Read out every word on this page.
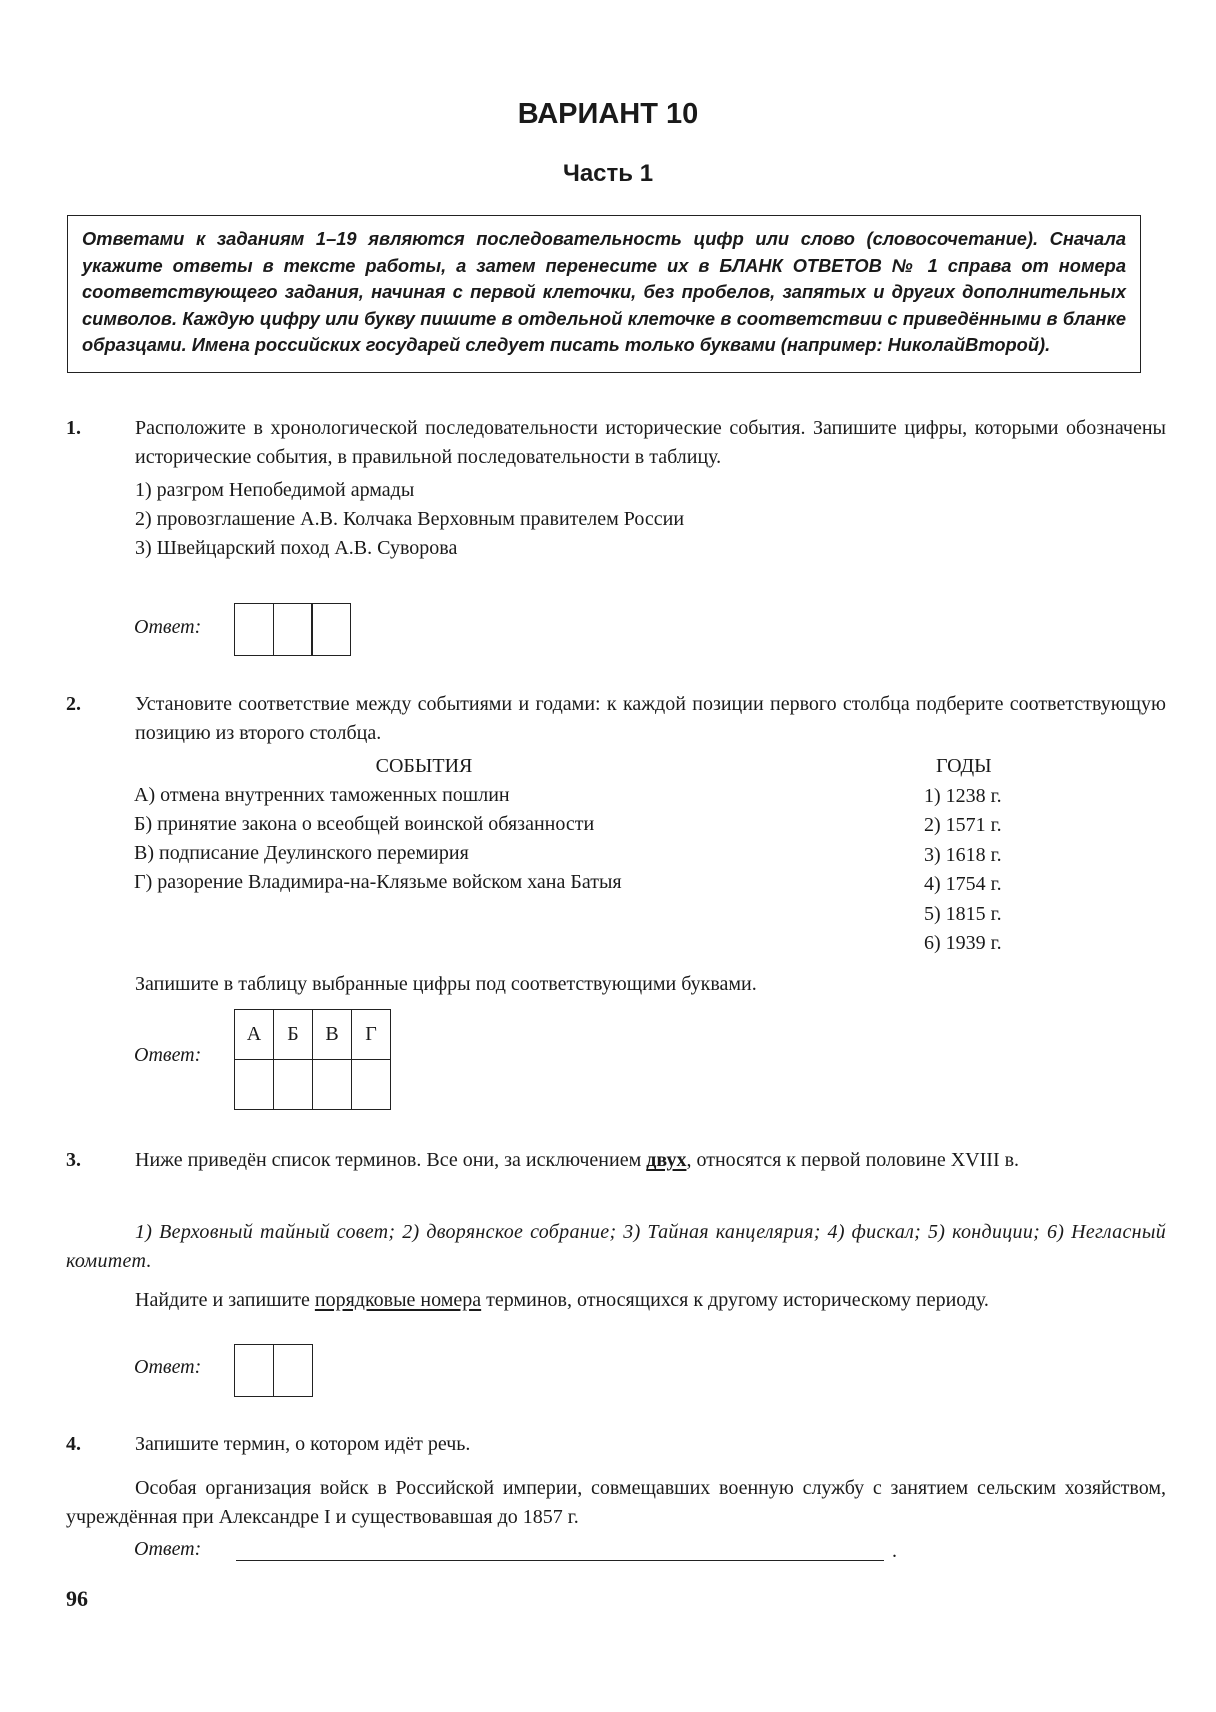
ВАРИАНТ 10
Часть 1
Ответами к заданиям 1–19 являются последовательность цифр или слово (словосочетание). Сначала укажите ответы в тексте работы, а затем перенесите их в БЛАНК ОТВЕТОВ № 1 справа от номера соответствующего задания, начиная с первой клеточки, без пробелов, запятых и других дополнительных символов. Каждую цифру или букву пишите в отдельной клеточке в соответствии с приведёнными в бланке образцами. Имена российских государей следует писать только буквами (например: НиколайВторой).
1.	Расположите в хронологической последовательности исторические события. Запишите цифры, которыми обозначены исторические события, в правильной последовательности в таблицу.

1) разгром Непобедимой армады
2) провозглашение А.В. Колчака Верховным правителем России
3) Швейцарский поход А.В. Суворова
Ответ:
2.	Установите соответствие между событиями и годами: к каждой позиции первого столбца подберите соответствующую позицию из второго столбца.

СОБЫТИЯ
А) отмена внутренних таможенных пошлин
Б) принятие закона о всеобщей воинской обязанности
В) подписание Деулинского перемирия
Г) разорение Владимира-на-Клязьме войском хана Батыя
ГОДЫ
1) 1238 г.
2) 1571 г.
3) 1618 г.
4) 1754 г.
5) 1815 г.
6) 1939 г.

Запишите в таблицу выбранные цифры под соответствующими буквами.

Ответ:
А	Б	В	Г

3.	Ниже приведён список терминов. Все они, за исключением двух, относятся к первой половине XVIII в.

1) Верховный тайный совет; 2) дворянское собрание; 3) Тайная канцелярия; 4) фискал; 5) кондиции; 6) Негласный комитет.

Найдите и запишите порядковые номера терминов, относящихся к другому историческому периоду.

Ответ:
4.	Запишите термин, о котором идёт речь.

Особая организация войск в Российской империи, совмещавших военную службу с занятием сельским хозяйством, учреждённая при Александре I и существовавшая до 1857 г.

Ответ:	.
96
